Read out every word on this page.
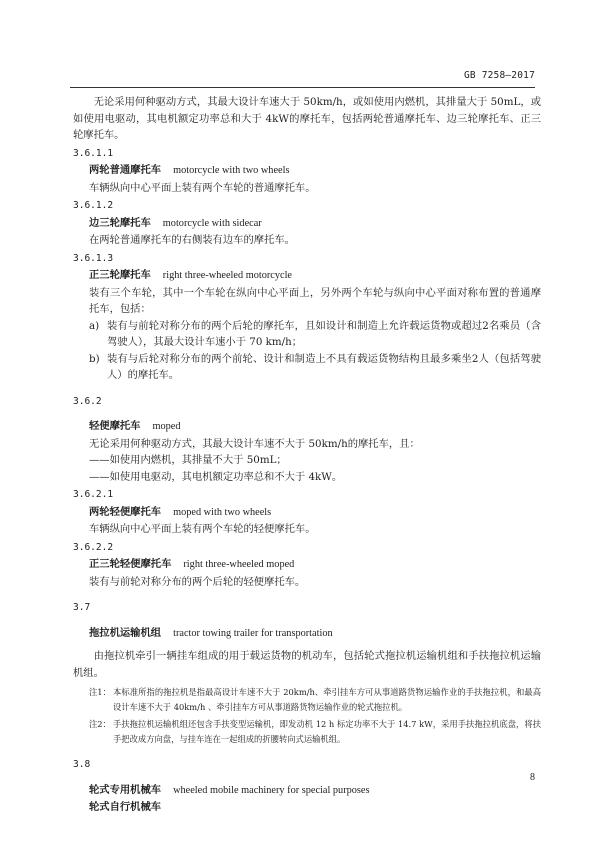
GB 7258—2017

无论采用何种驱动方式，其最大设计车速大于 50km/h，或如使用内燃机，其排量大于 50mL，或如使用电驱动，其电机额定功率总和大于 4kW的摩托车，包括两轮普通摩托车、边三轮摩托车、正三轮摩托车。

3.6.1.1
两轮普通摩托车 motorcycle with two wheels
车辆纵向中心平面上装有两个车轮的普通摩托车。
3.6.1.2
边三轮摩托车 motorcycle with sidecar
在两轮普通摩托车的右侧装有边车的摩托车。
3.6.1.3
正三轮摩托车 right three-wheeled motorcycle
装有三个车轮，其中一个车轮在纵向中心平面上，另外两个车轮与纵向中心平面对称布置的普通摩托车，包括：
a) 装有与前轮对称分布的两个后轮的摩托车，且如设计和制造上允许载运货物或超过2名乘员（含驾驶人），其最大设计车速小于 70 km/h；
b) 装有与后轮对称分布的两个前轮、设计和制造上不具有载运货物结构且最多乘坐2人（包括驾驶人）的摩托车。
3.6.2
轻便摩托车 moped
无论采用何种驱动方式，其最大设计车速不大于 50km/h的摩托车，且：
——如使用内燃机，其排量不大于 50mL；
——如使用电驱动，其电机额定功率总和不大于 4kW。
3.6.2.1
两轮轻便摩托车 moped with two wheels
车辆纵向中心平面上装有两个车轮的轻便摩托车。
3.6.2.2
正三轮轻便摩托车 right three-wheeled moped
装有与前轮对称分布的两个后轮的轻便摩托车。
3.7
拖拉机运输机组 tractor towing trailer for transportation

由拖拉机牵引一辆挂车组成的用于载运货物的机动车，包括轮式拖拉机运输机组和手扶拖拉机运输机组。

注1： 本标准所指的拖拉机是指最高设计车速不大于 20km/h、牵引挂车方可从事道路货物运输作业的手扶拖拉机，和最高设计车速不大于 40km/h 、牵引挂车方可从事道路货物运输作业的轮式拖拉机。
注2： 手扶拖拉机运输机组还包含手扶变型运输机，即发动机 12 h 标定功率不大于 14.7 kW，采用手扶拖拉机底盘，将扶手把改成方向盘，与挂车连在一起组成的折腰转向式运输机组。
3.8
轮式专用机械车 wheeled mobile machinery for special purposes
轮式自行机械车
8
